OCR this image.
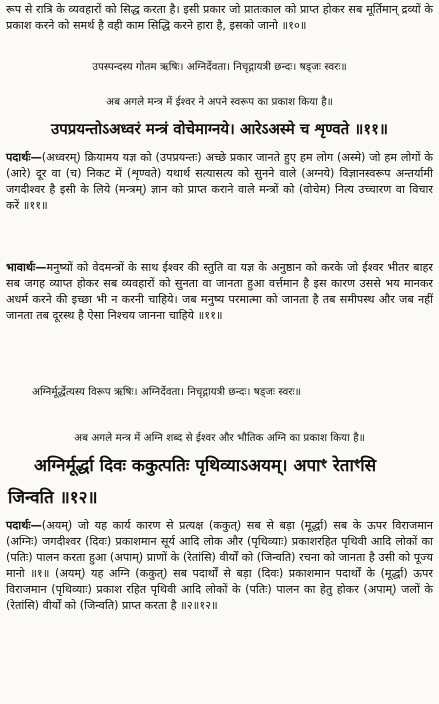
रूप से रात्रि के व्यवहारों को सिद्ध करता है। इसी प्रकार जो प्रातःकाल को प्राप्त होकर सब मूर्तिमान् द्रव्यों के प्रकाश करने को समर्थ है वही काम सिद्धि करने हारा है, इसको जानो ॥१०॥

उपस्पन्दस्य गोतम ऋषिः। अग्निर्देवता। निचृद्गायत्री छन्दः। षड्जः स्वरः॥

अब अगले मन्त्र में ईश्वर ने अपने स्वरूप का प्रकाश किया है॥

उपप्रयन्तोऽअध्वरं मन्त्रं वोचेमाग्नये। आरेऽअस्मे च शृण्वते ॥११॥

पदार्थः—(अध्वरम्) क्रियामय यज्ञ को (उपप्रयन्तः) अच्छे प्रकार जानते हुए हम लोग (अस्मे) जो हम लोगों के (आरे) दूर वा (च) निकट में (शृण्वते) यथार्थ सत्यासत्य को सुनने वाले (अग्नये) विज्ञानस्वरूप अन्तर्यामी जगदीश्वर है इसी के लिये (मन्त्रम्) ज्ञान को प्राप्त कराने वाले मन्त्रों को (वोचेम) नित्य उच्चारण वा विचार करें ॥११॥

भावार्थः—मनुष्यों को वेदमन्त्रों के साथ ईश्वर की स्तुति वा यज्ञ के अनुष्ठान को करके जो ईश्वर भीतर बाहर सब जगह व्याप्त होकर सब व्यवहारों को सुनता वा जानता हुआ वर्त्तमान है इस कारण उससे भय मानकर अधर्म करने की इच्छा भी न करनी चाहिये। जब मनुष्य परमात्मा को जानता है तब समीपस्थ और जब नहीं जानता तब दूरस्थ है ऐसा निश्चय जानना चाहिये ॥११॥

अग्निर्मूर्द्धेत्यस्य विरूप ऋषिः। अग्निर्देवता। निचृद्गायत्री छन्दः। षड्जः स्वरः॥

अब अगले मन्त्र में अग्नि शब्द से ईश्वर और भौतिक अग्नि का प्रकाश किया है॥

अग्निर्मूर्द्धा दिवः ककुत्पतिः पृथिव्याऽअयम्। अपाꣳ रेताꣳसि

जिन्वति ॥१२॥

पदार्थः—(अयम्) जो यह कार्य कारण से प्रत्यक्ष (ककुत्) सब से बड़ा (मूर्द्धा) सब के ऊपर विराजमान (अग्निः) जगदीश्वर (दिवः) प्रकाशमान सूर्य आदि लोक और (पृथिव्याः) प्रकाशरहित पृथिवी आदि लोकों का (पतिः) पालन करता हुआ (अपाम्) प्राणों के (रेतांसि) वीर्यों को (जिन्वति) रचना को जानता है उसी को पूज्य मानो ॥१॥ (अयम्) यह अग्नि (ककुत्) सब पदार्थों से बड़ा (दिवः) प्रकाशमान पदार्थों के (मूर्द्धा) ऊपर विराजमान (पृथिव्याः) प्रकाश रहित पृथिवी आदि लोकों के (पतिः) पालन का हेतु होकर (अपाम्) जलों के (रेतांसि) वीर्यों को (जिन्वति) प्राप्त करता है ॥२॥१२॥
